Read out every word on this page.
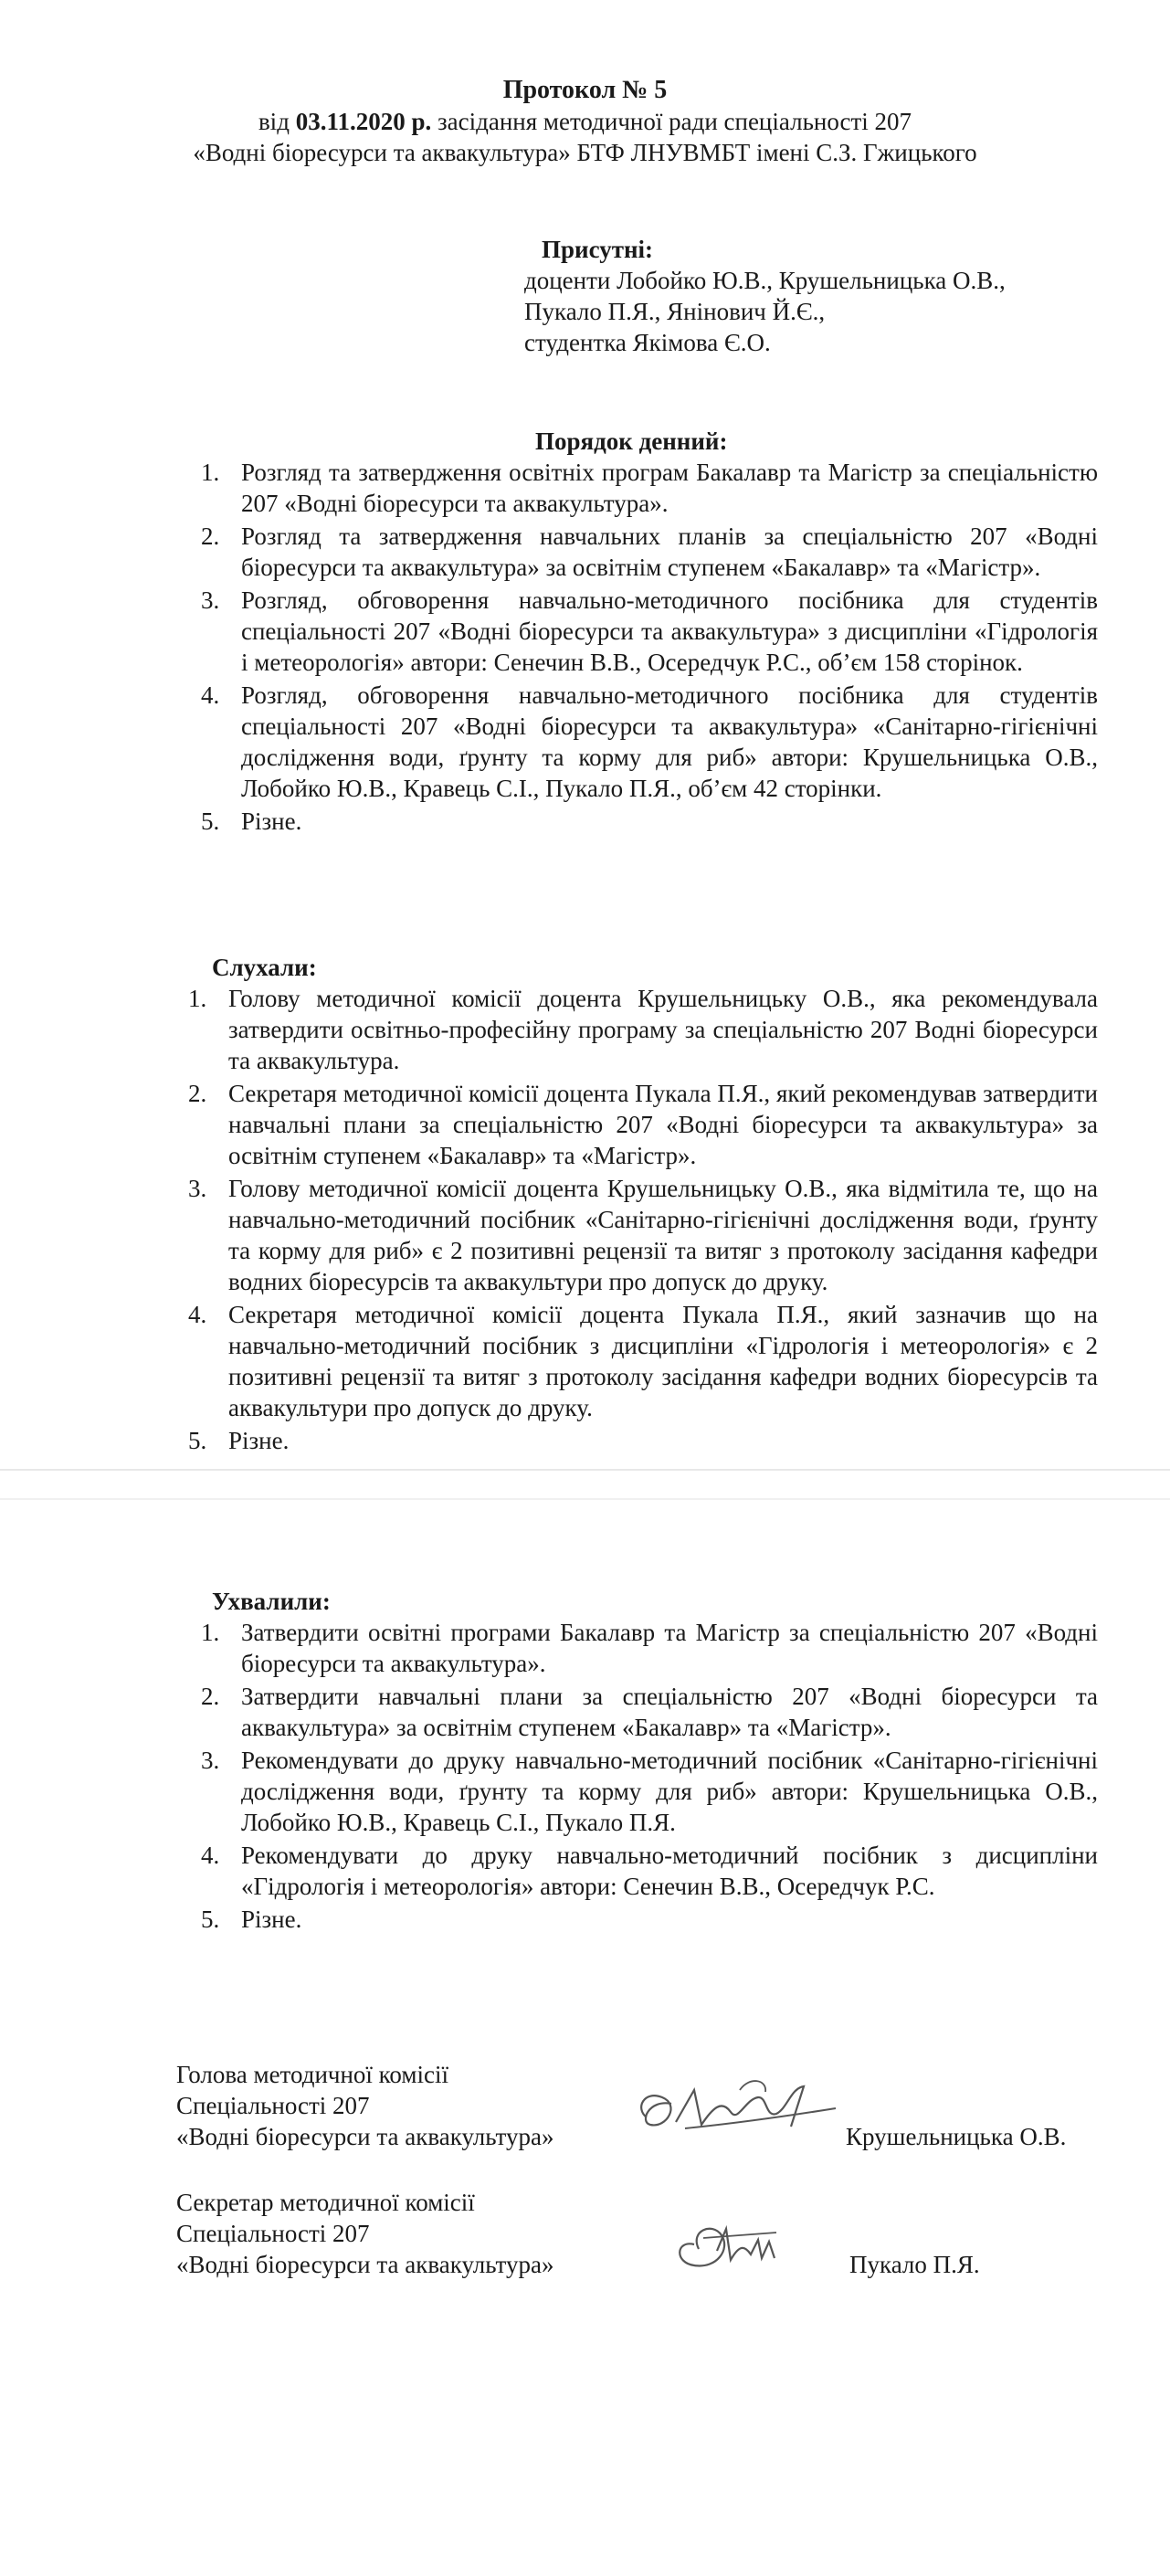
Протокол № 5
від 03.11.2020 р. засідання методичної ради спеціальності 207
«Водні біоресурси та аквакультура» БТФ ЛНУВМБТ імені С.З. Гжицького
Присутні:
доценти Лобойко Ю.В., Крушельницька О.В.,
Пукало П.Я., Янінович Й.Є.,
студентка Якімова Є.О.
Порядок денний:
1. Розгляд та затвердження освітніх програм Бакалавр та Магістр за спеціальністю 207 «Водні біоресурси та аквакультура».
2. Розгляд та затвердження навчальних планів за спеціальністю 207 «Водні біоресурси та аквакультура» за освітнім ступенем «Бакалавр» та «Магістр».
3. Розгляд, обговорення навчально-методичного посібника для студентів спеціальності 207 «Водні біоресурси та аквакультура» з дисципліни «Гідрологія і метеорологія» автори: Сенечин В.В., Осередчук Р.С., об’єм 158 сторінок.
4. Розгляд, обговорення навчально-методичного посібника для студентів спеціальності 207 «Водні біоресурси та аквакультура» «Санітарно-гігієнічні дослідження води, ґрунту та корму для риб» автори: Крушельницька О.В., Лобойко Ю.В., Кравець С.І., Пукало П.Я., об’єм 42 сторінки.
5. Різне.
Слухали:
1. Голову методичної комісії доцента Крушельницьку О.В., яка рекомендувала затвердити освітньо-професійну програму за спеціальністю 207 Водні біоресурси та аквакультура.
2. Секретаря методичної комісії доцента Пукала П.Я., який рекомендував затвердити навчальні плани за спеціальністю 207 «Водні біоресурси та аквакультура» за освітнім ступенем «Бакалавр» та «Магістр».
3. Голову методичної комісії доцента Крушельницьку О.В., яка відмітила те, що на навчально-методичний посібник «Санітарно-гігієнічні дослідження води, ґрунту та корму для риб» є 2 позитивні рецензії та витяг з протоколу засідання кафедри водних біоресурсів та аквакультури про допуск до друку.
4. Секретаря методичної комісії доцента Пукала П.Я., який зазначив що на навчально-методичний посібник з дисципліни «Гідрологія і метеорологія» є 2 позитивні рецензії та витяг з протоколу засідання кафедри водних біоресурсів та аквакультури про допуск до друку.
5. Різне.
Ухвалили:
1. Затвердити освітні програми Бакалавр та Магістр за спеціальністю 207 «Водні біоресурси та аквакультура».
2. Затвердити навчальні плани за спеціальністю 207 «Водні біоресурси та аквакультура» за освітнім ступенем «Бакалавр» та «Магістр».
3. Рекомендувати до друку навчально-методичний посібник «Санітарно-гігієнічні дослідження води, ґрунту та корму для риб» автори: Крушельницька О.В., Лобойко Ю.В., Кравець С.І., Пукало П.Я.
4. Рекомендувати до друку навчально-методичний посібник з дисципліни «Гідрологія і метеорологія» автори: Сенечин В.В., Осередчук Р.С.
5. Різне.
Голова методичної комісії
Спеціальності 207
«Водні біоресурси та аквакультура»	Крушельницька О.В.
Секретар методичної комісії
Спеціальності 207
«Водні біоресурси та аквакультура»	Пукало П.Я.
